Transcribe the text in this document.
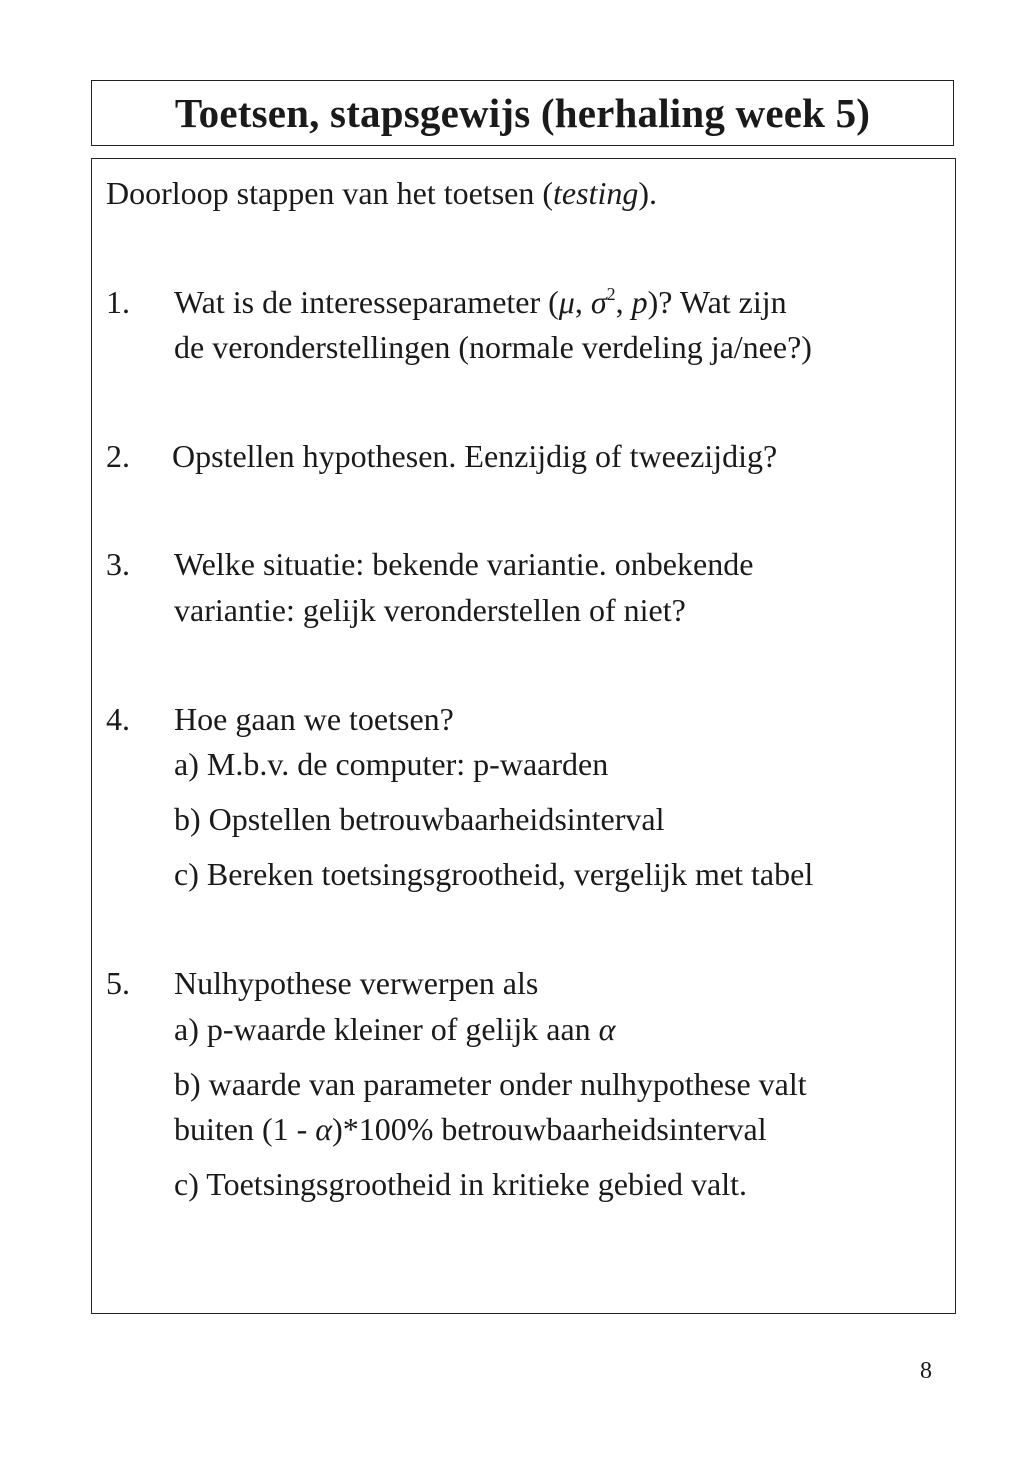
Toetsen, stapsgewijs (herhaling week 5)
Doorloop stappen van het toetsen (testing).
1. Wat is de interesseparameter (μ, $\sigma^2$, p)? Wat zijn
de veronderstellingen (normale verdeling ja/nee?)
2. Opstellen hypothesen. Eenzijdig of tweezijdig?
3. Welke situatie: bekende variantie. onbekende
variantie: gelijk veronderstellen of niet?
4. Hoe gaan we toetsen?
a) M.b.v. de computer: p-waarden
b) Opstellen betrouwbaarheidsinterval
c) Bereken toetsingsgrootheid, vergelijk met tabel
5. Nulhypothese verwerpen als
a) p-waarde kleiner of gelijk aan α
b) waarde van parameter onder nulhypothese valt
buiten (1 - α)*100% betrouwbaarheidsinterval
c) Toetsingsgrootheid in kritieke gebied valt.
8
